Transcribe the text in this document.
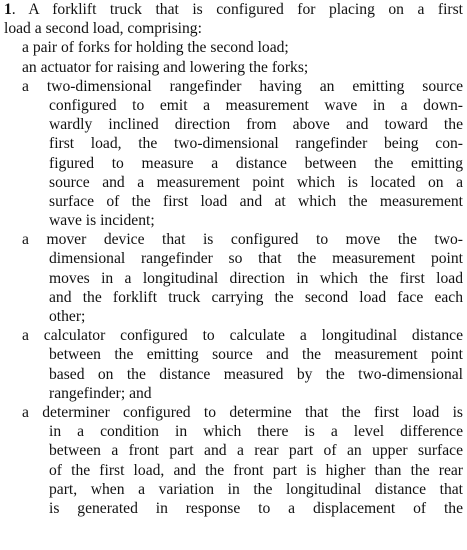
1. A forklift truck that is configured for placing on a first
load a second load, comprising:
a pair of forks for holding the second load;
an actuator for raising and lowering the forks;
a two-dimensional rangefinder having an emitting source
configured to emit a measurement wave in a down-
wardly inclined direction from above and toward the
first load, the two-dimensional rangefinder being con-
figured to measure a distance between the emitting
source and a measurement point which is located on a
surface of the first load and at which the measurement
wave is incident;
a mover device that is configured to move the two-
dimensional rangefinder so that the measurement point
moves in a longitudinal direction in which the first load
and the forklift truck carrying the second load face each
other;
a calculator configured to calculate a longitudinal distance
between the emitting source and the measurement point
based on the distance measured by the two-dimensional
rangefinder; and
a determiner configured to determine that the first load is
in a condition in which there is a level difference
between a front part and a rear part of an upper surface
of the first load, and the front part is higher than the rear
part, when a variation in the longitudinal distance that
is generated in response to a displacement of the
